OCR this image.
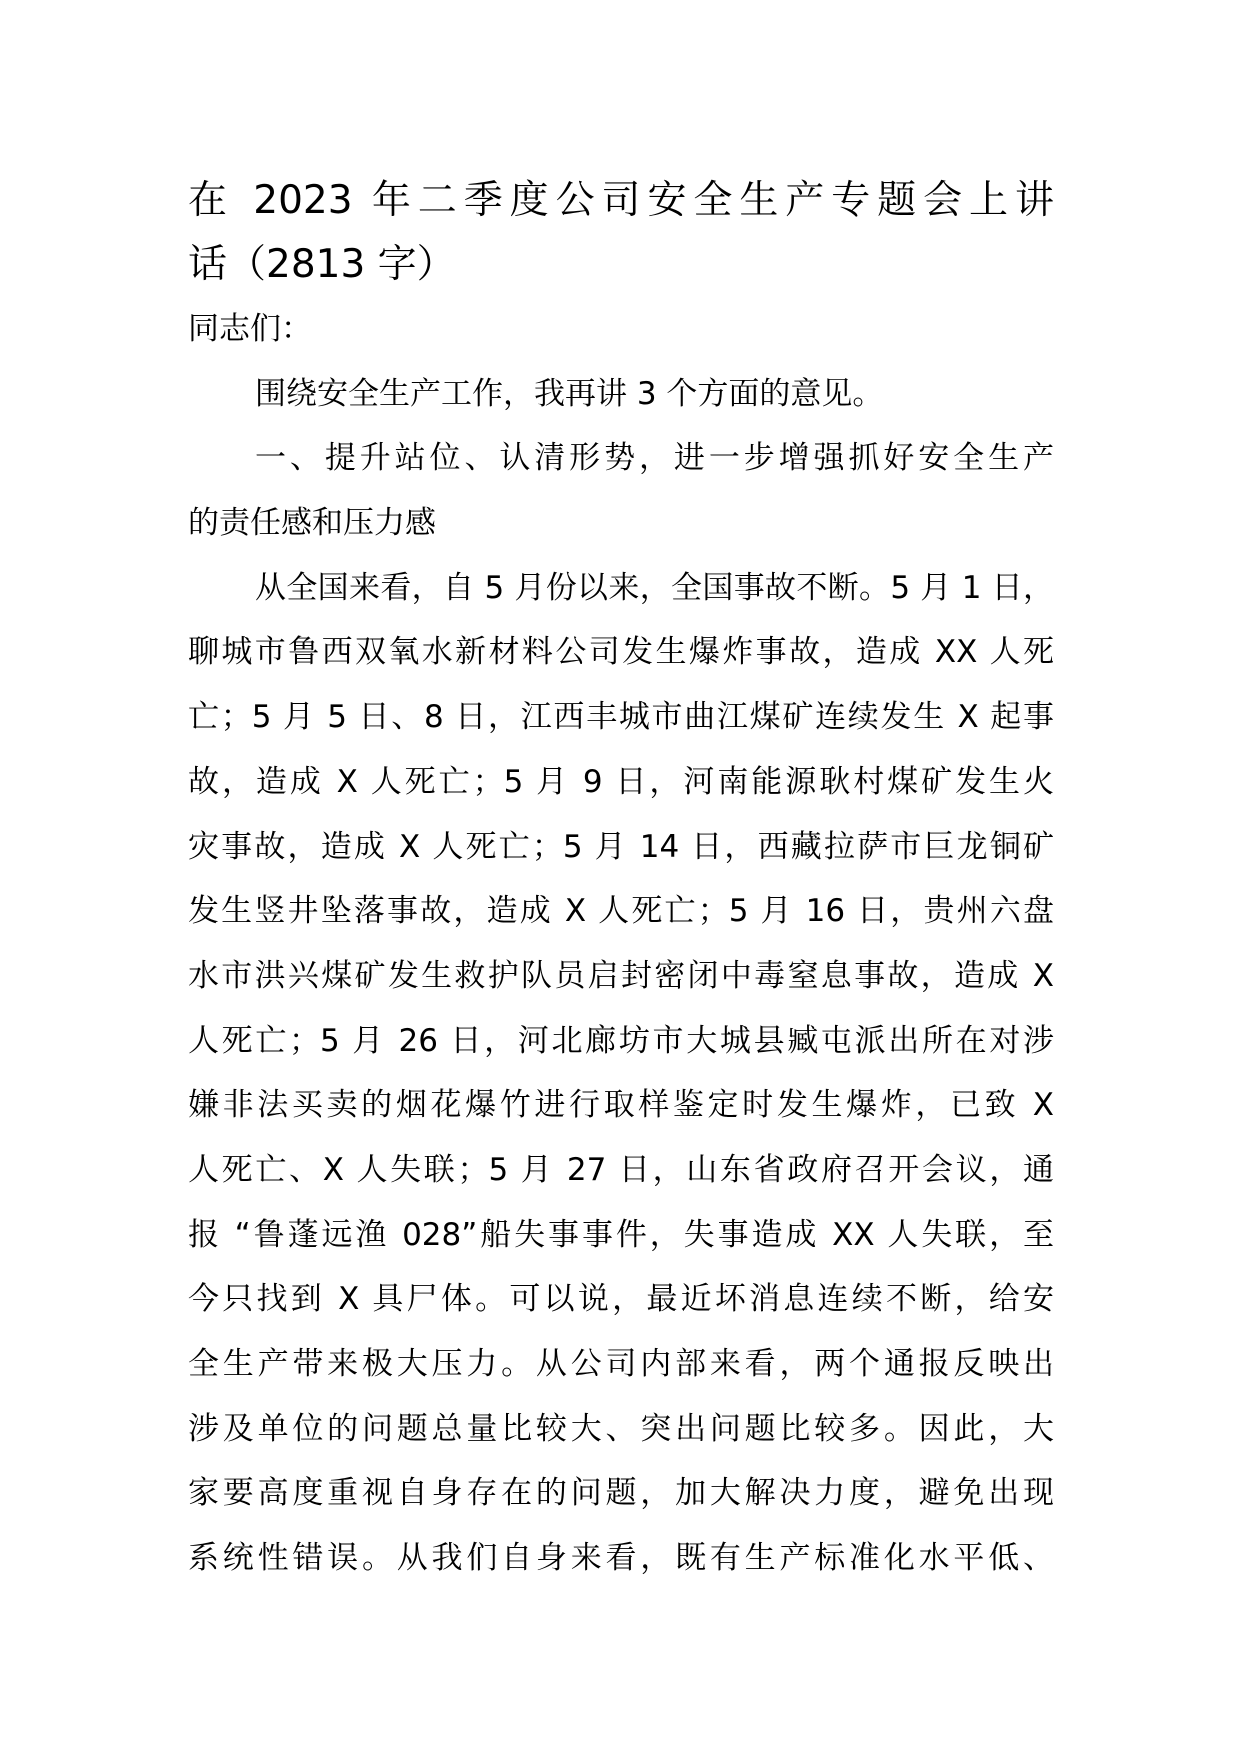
在 2023 年二季度公司安全生产专题会上讲
话（2813 字）
同志们：
围绕安全生产工作，我再讲 3 个方面的意见。
一、提升站位、认清形势，进一步增强抓好安全生产
的责任感和压力感
从全国来看，自 5 月份以来，全国事故不断。5 月 1 日，
聊城市鲁西双氧水新材料公司发生爆炸事故，造成 XX 人死
亡；5 月 5 日、8 日，江西丰城市曲江煤矿连续发生 X 起事
故，造成 X 人死亡；5 月 9 日，河南能源耿村煤矿发生火
灾事故，造成 X 人死亡；5 月 14 日，西藏拉萨市巨龙铜矿
发生竖井坠落事故，造成 X 人死亡；5 月 16 日，贵州六盘
水市洪兴煤矿发生救护队员启封密闭中毒窒息事故，造成 X
人死亡；5 月 26 日，河北廊坊市大城县臧屯派出所在对涉
嫌非法买卖的烟花爆竹进行取样鉴定时发生爆炸，已致 X
人死亡、X 人失联；5 月 27 日，山东省政府召开会议，通
报 “鲁蓬远渔 028”船失事事件，失事造成 XX 人失联，至
今只找到 X 具尸体。可以说，最近坏消息连续不断，给安
全生产带来极大压力。从公司内部来看，两个通报反映出
涉及单位的问题总量比较大、突出问题比较多。因此，大
家要高度重视自身存在的问题，加大解决力度，避免出现
系统性错误。从我们自身来看，既有生产标准化水平低、
